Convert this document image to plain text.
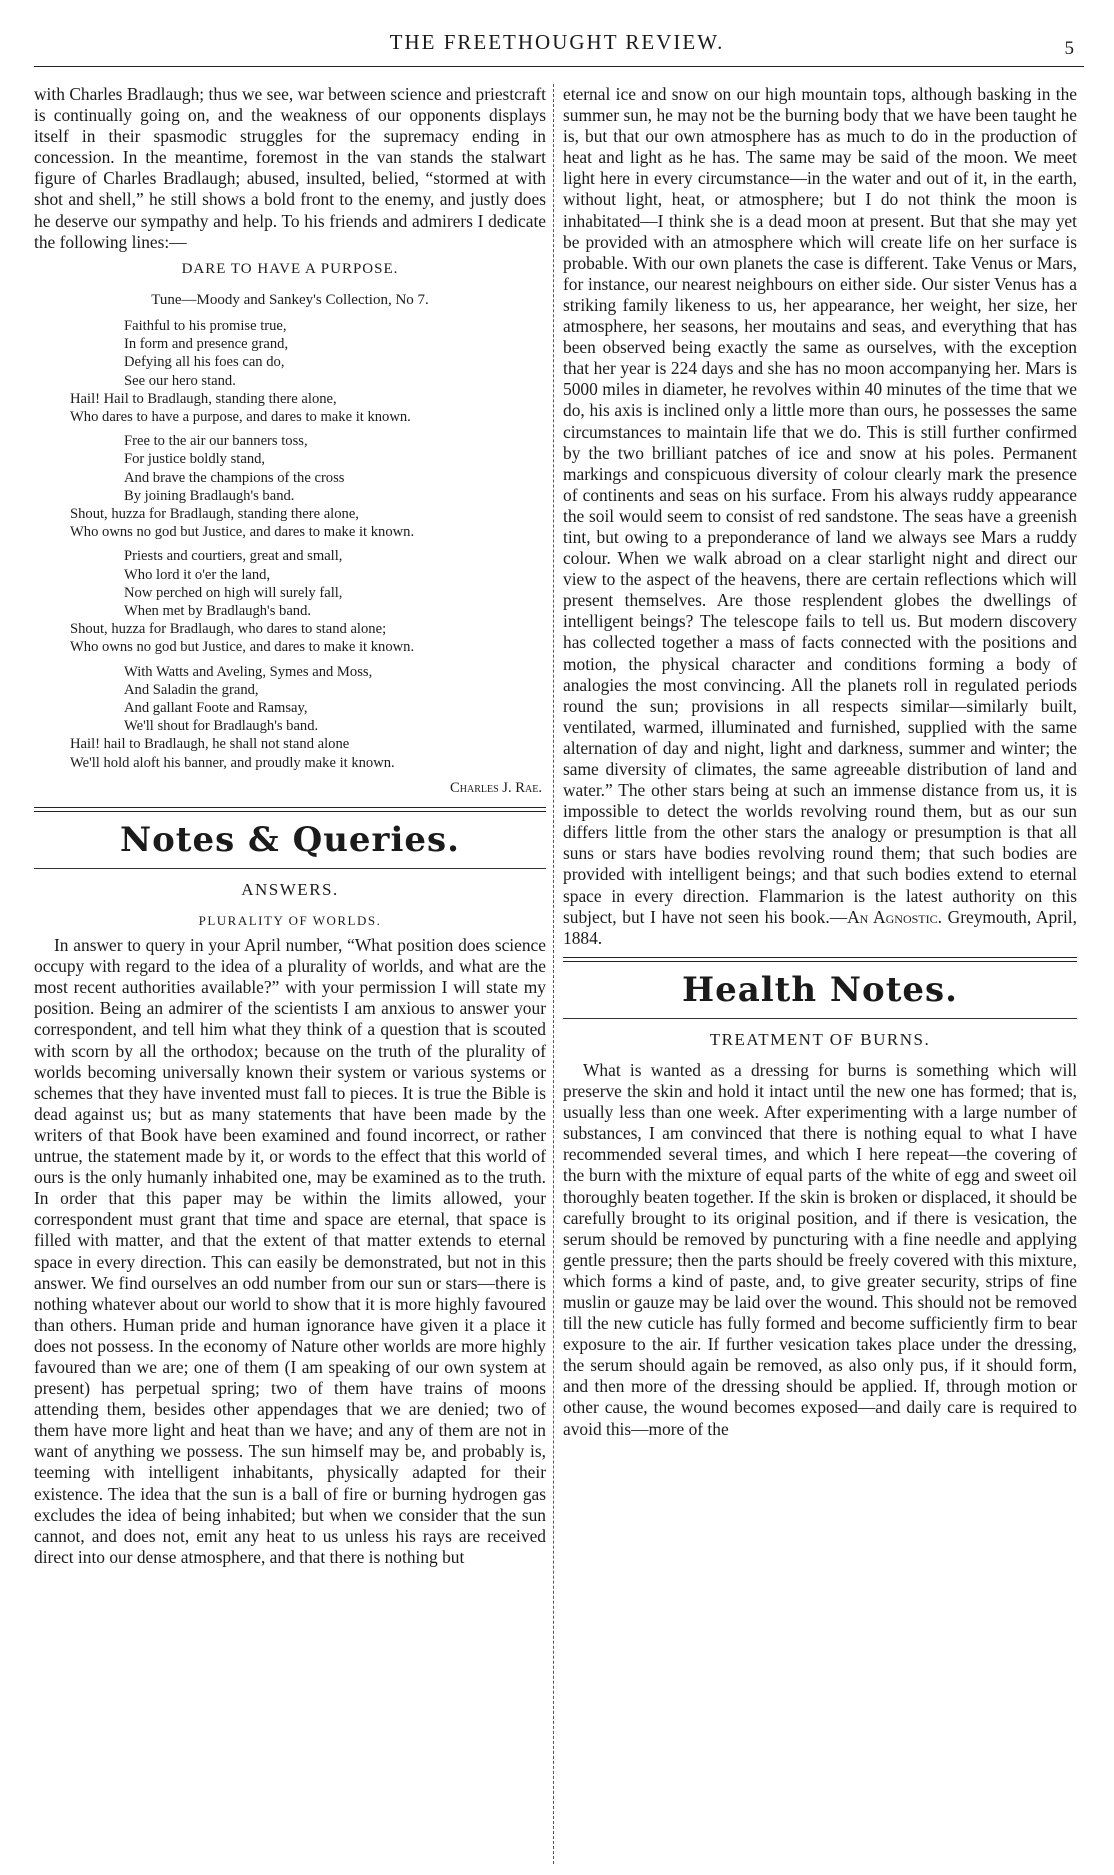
THE FREETHOUGHT REVIEW.	5

with Charles Bradlaugh; thus we see, war between science and priestcraft is continually going on, and the weakness of our opponents displays itself in their spasmodic struggles for the supremacy ending in concession. In the meantime, foremost in the van stands the stalwart figure of Charles Bradlaugh; abused, insulted, belied, “stormed at with shot and shell,” he still shows a bold front to the enemy, and justly does he deserve our sympathy and help. To his friends and admirers I dedicate the following lines:—

DARE TO HAVE A PURPOSE.
Tune—Moody and Sankey's Collection, No 7.
Faithful to his promise true,
In form and presence grand,
Defying all his foes can do,
See our hero stand.
Hail! Hail to Bradlaugh, standing there alone,
Who dares to have a purpose, and dares to make it known.
Free to the air our banners toss,
For justice boldly stand,
And brave the champions of the cross
By joining Bradlaugh's band.
Shout, huzza for Bradlaugh, standing there alone,
Who owns no god but Justice, and dares to make it known.
Priests and courtiers, great and small,
Who lord it o'er the land,
Now perched on high will surely fall,
When met by Bradlaugh's band.
Shout, huzza for Bradlaugh, who dares to stand alone;
Who owns no god but Justice, and dares to make it known.
With Watts and Aveling, Symes and Moss,
And Saladin the grand,
And gallant Foote and Ramsay,
We'll shout for Bradlaugh's band.
Hail! hail to Bradlaugh, he shall not stand alone
We'll hold aloft his banner, and proudly make it known.
Charles J. Rae.
Notes & Queries.
ANSWERS.
PLURALITY OF WORLDS.

In answer to query in your April number, “What position does science occupy with regard to the idea of a plurality of worlds, and what are the most recent authorities available?” with your permission I will state my position. Being an admirer of the scientists I am anxious to answer your correspondent, and tell him what they think of a question that is scouted with scorn by all the orthodox; because on the truth of the plurality of worlds becoming universally known their system or various systems or schemes that they have invented must fall to pieces. It is true the Bible is dead against us; but as many statements that have been made by the writers of that Book have been examined and found incorrect, or rather untrue, the statement made by it, or words to the effect that this world of ours is the only humanly inhabited one, may be examined as to the truth. In order that this paper may be within the limits allowed, your correspondent must grant that time and space are eternal, that space is filled with matter, and that the extent of that matter extends to eternal space in every direction. This can easily be demonstrated, but not in this answer. We find ourselves an odd number from our sun or stars—there is nothing whatever about our world to show that it is more highly favoured than others. Human pride and human ignorance have given it a place it does not possess. In the economy of Nature other worlds are more highly favoured than we are; one of them (I am speaking of our own system at present) has perpetual spring; two of them have trains of moons attending them, besides other appendages that we are denied; two of them have more light and heat than we have; and any of them are not in want of anything we possess. The sun himself may be, and probably is, teeming with intelligent inhabitants, physically adapted for their existence. The idea that the sun is a ball of fire or burning hydrogen gas excludes the idea of being inhabited; but when we consider that the sun cannot, and does not, emit any heat to us unless his rays are received direct into our dense atmosphere, and that there is nothing but

eternal ice and snow on our high mountain tops, although basking in the summer sun, he may not be the burning body that we have been taught he is, but that our own atmosphere has as much to do in the production of heat and light as he has. The same may be said of the moon. We meet light here in every circumstance—in the water and out of it, in the earth, without light, heat, or atmosphere; but I do not think the moon is inhabitated—I think she is a dead moon at present. But that she may yet be provided with an atmosphere which will create life on her surface is probable. With our own planets the case is different. Take Venus or Mars, for instance, our nearest neighbours on either side. Our sister Venus has a striking family likeness to us, her appearance, her weight, her size, her atmosphere, her seasons, her moutains and seas, and everything that has been observed being exactly the same as ourselves, with the exception that her year is 224 days and she has no moon accompanying her. Mars is 5000 miles in diameter, he revolves within 40 minutes of the time that we do, his axis is inclined only a little more than ours, he possesses the same circumstances to maintain life that we do. This is still further confirmed by the two brilliant patches of ice and snow at his poles. Permanent markings and conspicuous diversity of colour clearly mark the presence of continents and seas on his surface. From his always ruddy appearance the soil would seem to consist of red sandstone. The seas have a greenish tint, but owing to a preponderance of land we always see Mars a ruddy colour. When we walk abroad on a clear starlight night and direct our view to the aspect of the heavens, there are certain reflections which will present themselves. Are those resplendent globes the dwellings of intelligent beings? The telescope fails to tell us. But modern discovery has collected together a mass of facts connected with the positions and motion, the physical character and conditions forming a body of analogies the most convincing. All the planets roll in regulated periods round the sun; provisions in all respects similar—similarly built, ventilated, warmed, illuminated and furnished, supplied with the same alternation of day and night, light and darkness, summer and winter; the same diversity of climates, the same agreeable distribution of land and water.” The other stars being at such an immense distance from us, it is impossible to detect the worlds revolving round them, but as our sun differs little from the other stars the analogy or presumption is that all suns or stars have bodies revolving round them; that such bodies are provided with intelligent beings; and that such bodies extend to eternal space in every direction. Flammarion is the latest authority on this subject, but I have not seen his book.—An Agnostic. Greymouth, April, 1884.

Health Notes.
TREATMENT OF BURNS.

What is wanted as a dressing for burns is something which will preserve the skin and hold it intact until the new one has formed; that is, usually less than one week. After experimenting with a large number of substances, I am convinced that there is nothing equal to what I have recommended several times, and which I here repeat—the covering of the burn with the mixture of equal parts of the white of egg and sweet oil thoroughly beaten together. If the skin is broken or displaced, it should be carefully brought to its original position, and if there is vesication, the serum should be removed by puncturing with a fine needle and applying gentle pressure; then the parts should be freely covered with this mixture, which forms a kind of paste, and, to give greater security, strips of fine muslin or gauze may be laid over the wound. This should not be removed till the new cuticle has fully formed and become sufficiently firm to bear exposure to the air. If further vesication takes place under the dressing, the serum should again be removed, as also only pus, if it should form, and then more of the dressing should be applied. If, through motion or other cause, the wound becomes exposed—and daily care is required to avoid this—more of the
